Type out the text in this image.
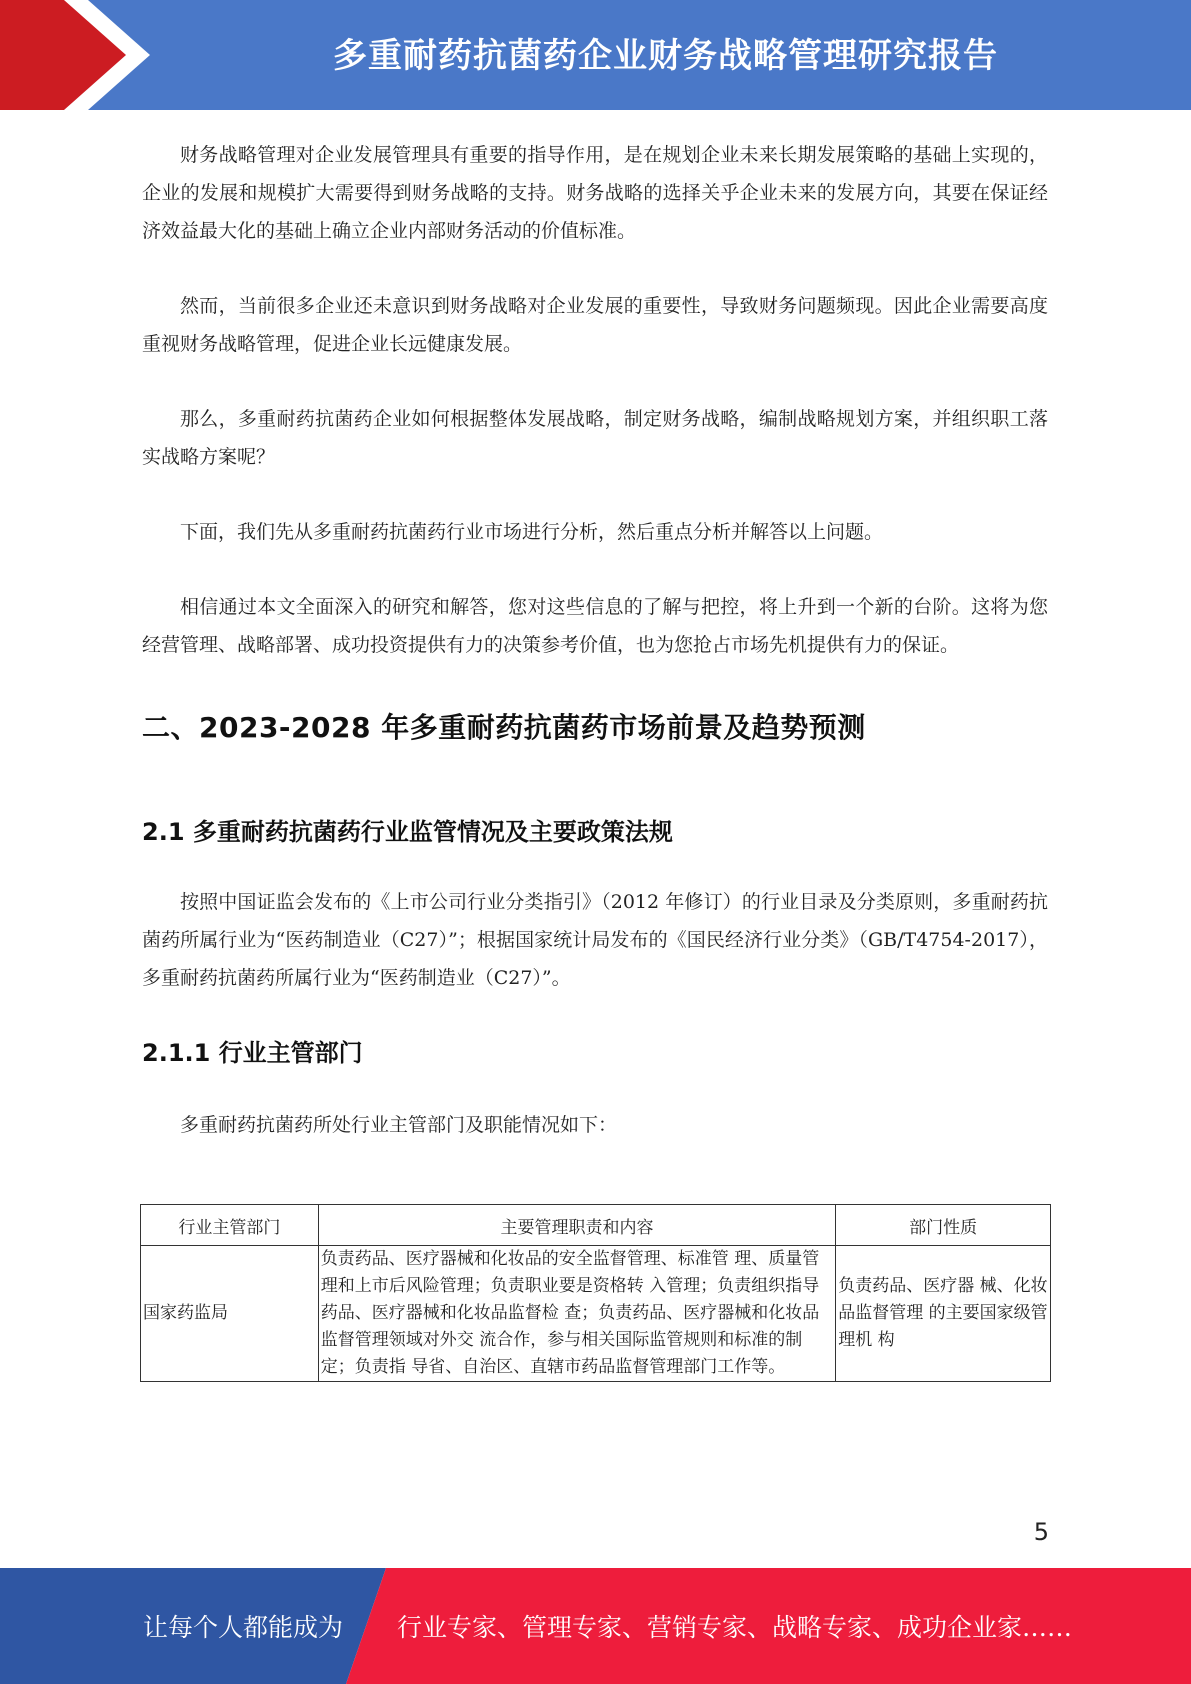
多重耐药抗菌药企业财务战略管理研究报告

财务战略管理对企业发展管理具有重要的指导作用，是在规划企业未来长期发展策略的基础上实现的，企业的发展和规模扩大需要得到财务战略的支持。财务战略的选择关乎企业未来的发展方向，其要在保证经济效益最大化的基础上确立企业内部财务活动的价值标准。

然而，当前很多企业还未意识到财务战略对企业发展的重要性，导致财务问题频现。因此企业需要高度重视财务战略管理，促进企业长远健康发展。

那么，多重耐药抗菌药企业如何根据整体发展战略，制定财务战略，编制战略规划方案，并组织职工落实战略方案呢？

下面，我们先从多重耐药抗菌药行业市场进行分析，然后重点分析并解答以上问题。

相信通过本文全面深入的研究和解答，您对这些信息的了解与把控，将上升到一个新的台阶。这将为您经营管理、战略部署、成功投资提供有力的决策参考价值，也为您抢占市场先机提供有力的保证。

二、2023-2028 年多重耐药抗菌药市场前景及趋势预测
2.1 多重耐药抗菌药行业监管情况及主要政策法规

按照中国证监会发布的《上市公司行业分类指引》（2012 年修订）的行业目录及分类原则，多重耐药抗菌药所属行业为“医药制造业（C27）”；根据国家统计局发布的《国民经济行业分类》（GB/T4754-2017），多重耐药抗菌药所属行业为“医药制造业（C27）”。

2.1.1 行业主管部门

多重耐药抗菌药所处行业主管部门及职能情况如下：

行业主管部门	主要管理职责和内容	部门性质
国家药监局	负责药品、医疗器械和化妆品的安全监督管理、标准管 理、质量管理和上市后风险管理；负责职业要是资格转 入管理；负责组织指导药品、医疗器械和化妆品监督检 查；负责药品、医疗器械和化妆品监督管理领域对外交 流合作，参与相关国际监管规则和标准的制定；负责指 导省、自治区、直辖市药品监督管理部门工作等。	负责药品、医疗器 械、化妆品监督管理 的主要国家级管理机 构
5
让每个人都能成为 行业专家、管理专家、营销专家、战略专家、成功企业家……
